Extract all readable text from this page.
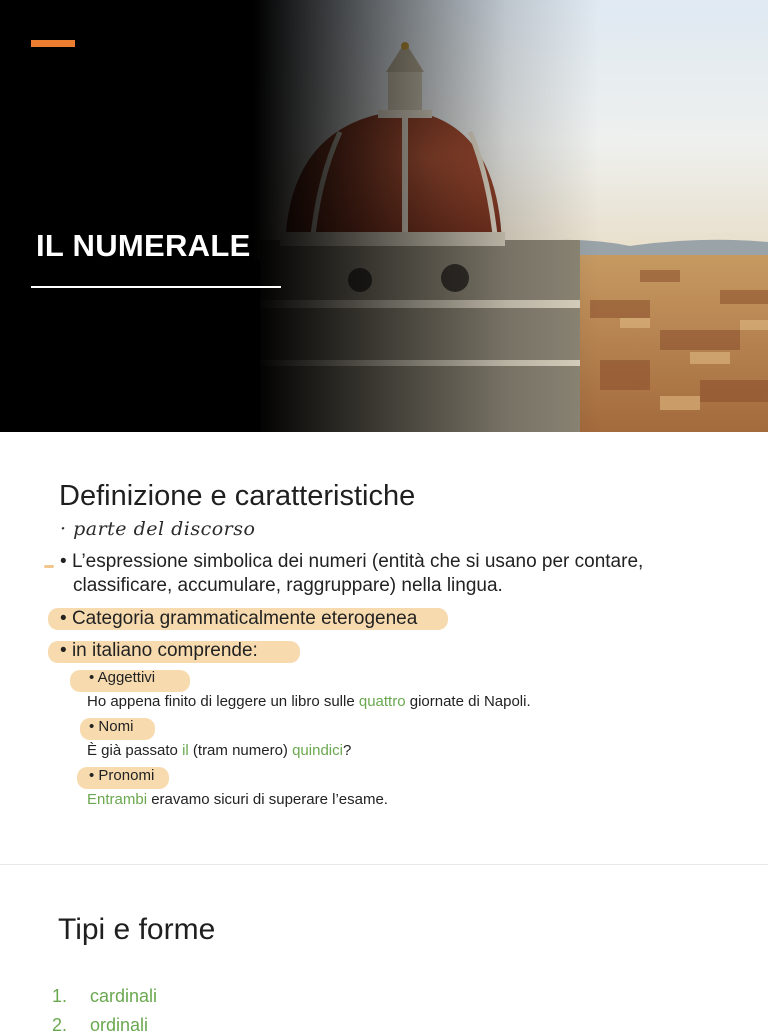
IL NUMERALE
Definizione e caratteristiche
· parte del discorso
• L’espressione simbolica dei numeri (entità che si usano per contare,
classificare, accumulare, raggruppare) nella lingua.
• Categoria grammaticalmente eterogenea
• in italiano comprende:
• Aggettivi
Ho appena finito di leggere un libro sulle quattro giornate di Napoli.
• Nomi
È già passato il (tram numero) quindici?
• Pronomi
Entrambi eravamo sicuri di superare l’esame.
Tipi e forme
1. cardinali
2. ordinali
